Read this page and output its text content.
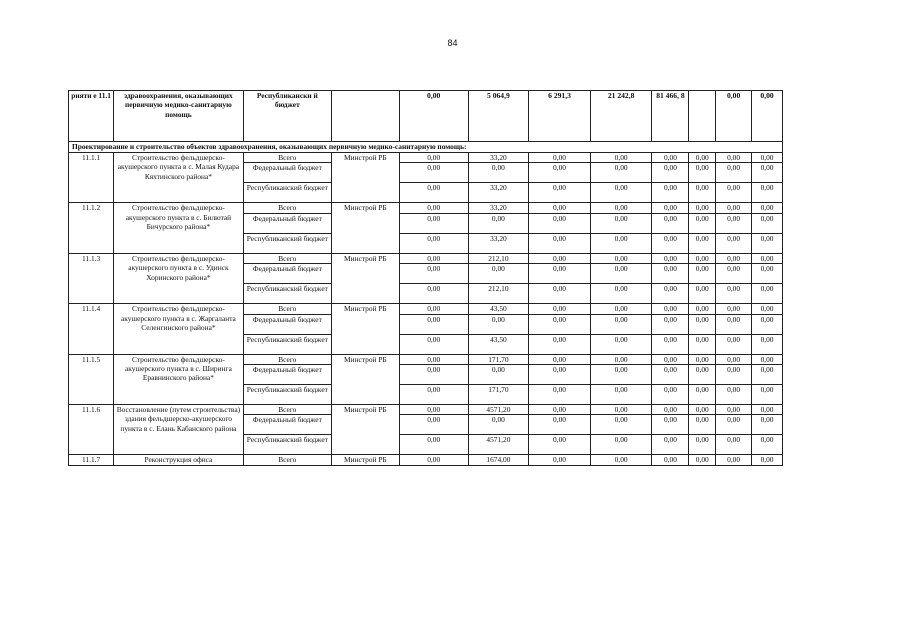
84
рияти е 11.1	здравоохранения, оказывающих первичную медико-санитарную помощь	Республикански й бюджет		0,00	5 064,9	6 291,3	21 242,8	81 466, 8		0,00	0,00
Проектирование и строительство объектов здравоохранения, оказывающих первичную медико-санитарную помощь:											
11.1.1	Строительство фельдшерско-акушерского пункта в с. Малая Кудара Кяхтинского района*	Всего	Минстрой РБ	0,00	33,20	0,00	0,00	0,00	0,00	0,00	0,00
		Федеральный бюджет		0,00	0,00	0,00	0,00	0,00	0,00	0,00	0,00
		Республиканский бюджет		0,00	33,20	0,00	0,00	0,00	0,00	0,00	0,00
11.1.2	Строительство фельдшерско-акушерского пункта в с. Билютай Бичурского района*	Всего	Минстрой РБ	0,00	33,20	0,00	0,00	0,00	0,00	0,00	0,00
		Федеральный бюджет		0,00	0,00	0,00	0,00	0,00	0,00	0,00	0,00
		Республиканский бюджет		0,00	33,20	0,00	0,00	0,00	0,00	0,00	0,00
11.1.3	Строительство фельдшерско-акушерского пункта в с. Удинск Хоринского района*	Всего	Минстрой РБ	0,00	212,10	0,00	0,00	0,00	0,00	0,00	0,00
		Федеральный бюджет		0,00	0,00	0,00	0,00	0,00	0,00	0,00	0,00
		Республиканский бюджет		0,00	212,10	0,00	0,00	0,00	0,00	0,00	0,00
11.1.4	Строительство фельдшерско-акушерского пункта в с. Жаргаланта Селенгинского района*	Всего	Минстрой РБ	0,00	43,50	0,00	0,00	0,00	0,00	0,00	0,00
		Федеральный бюджет		0,00	0,00	0,00	0,00	0,00	0,00	0,00	0,00
		Республиканский бюджет		0,00	43,50	0,00	0,00	0,00	0,00	0,00	0,00
11.1.5	Строительство фельдшерско-акушерского пункта в с. Ширинга Еравнинского района*	Всего	Минстрой РБ	0,00	171,70	0,00	0,00	0,00	0,00	0,00	0,00
		Федеральный бюджет		0,00	0,00	0,00	0,00	0,00	0,00	0,00	0,00
		Республиканский бюджет		0,00	171,70	0,00	0,00	0,00	0,00	0,00	0,00
11.1.6	Восстановление (путем строительства) здания фельдшерско-акушерского пункта в с. Елань Кабанского района	Всего	Минстрой РБ	0,00	4571,20	0,00	0,00	0,00	0,00	0,00	0,00
		Федеральный бюджет		0,00	0,00	0,00	0,00	0,00	0,00	0,00	0,00
		Республиканский бюджет		0,00	4571,20	0,00	0,00	0,00	0,00	0,00	0,00
11.1.7	Реконструкция офиса	Всего	Минстрой РБ	0,00	1674,00	0,00	0,00	0,00	0,00	0,00	0,00
